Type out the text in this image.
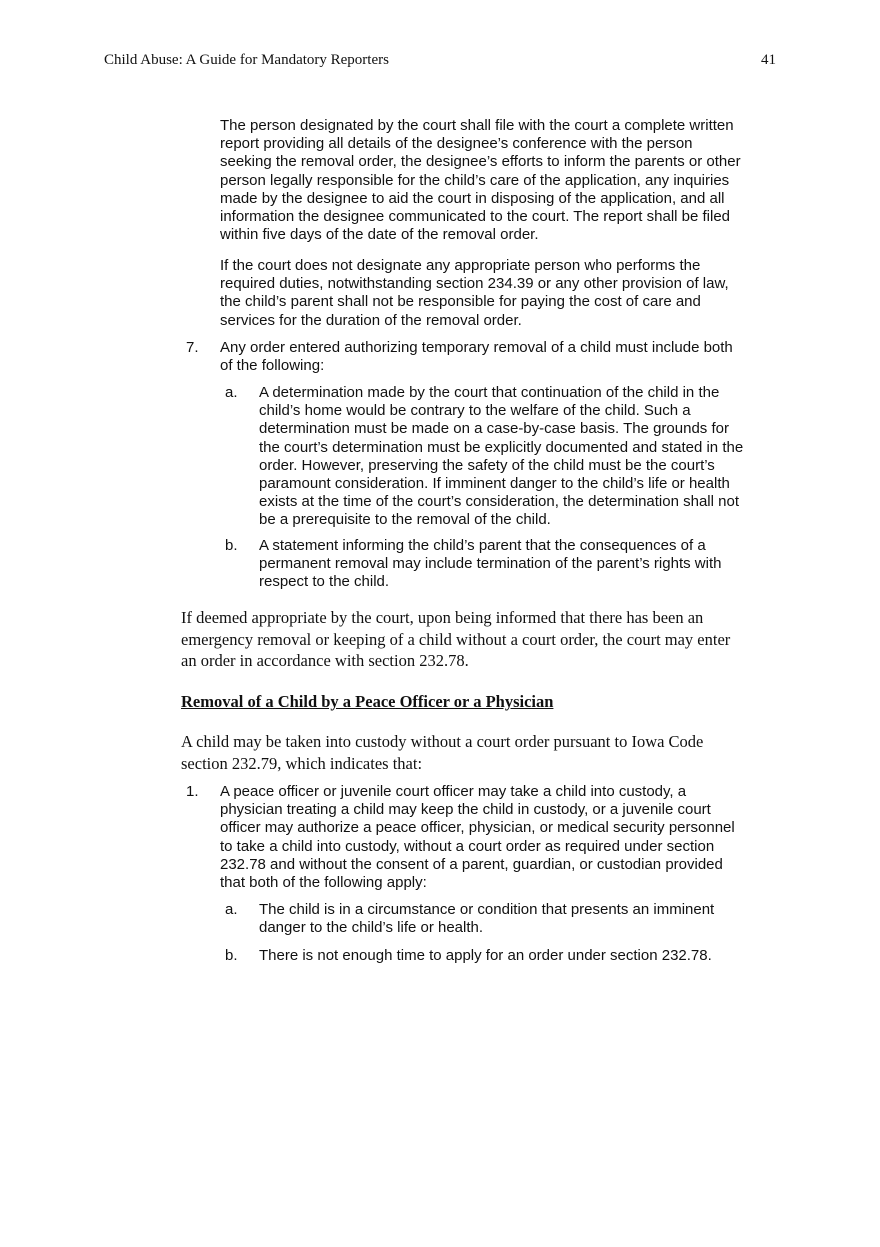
Child Abuse: A Guide for Mandatory Reporters	41
The person designated by the court shall file with the court a complete written
report providing all details of the designee’s conference with the person
seeking the removal order, the designee’s efforts to inform the parents or other
person legally responsible for the child’s care of the application, any inquiries
made by the designee to aid the court in disposing of the application, and all
information the designee communicated to the court. The report shall be filed
within five days of the date of the removal order.
If the court does not designate any appropriate person who performs the
required duties, notwithstanding section 234.39 or any other provision of law,
the child’s parent shall not be responsible for paying the cost of care and
services for the duration of the removal order.
7. Any order entered authorizing temporary removal of a child must include both
of the following:
a. A determination made by the court that continuation of the child in the
child’s home would be contrary to the welfare of the child. Such a
determination must be made on a case-by-case basis. The grounds for
the court’s determination must be explicitly documented and stated in the
order. However, preserving the safety of the child must be the court’s
paramount consideration. If imminent danger to the child’s life or health
exists at the time of the court’s consideration, the determination shall not
be a prerequisite to the removal of the child.
b. A statement informing the child’s parent that the consequences of a
permanent removal may include termination of the parent’s rights with
respect to the child.
If deemed appropriate by the court, upon being informed that there has been an
emergency removal or keeping of a child without a court order, the court may enter
an order in accordance with section 232.78.
Removal of a Child by a Peace Officer or a Physician
A child may be taken into custody without a court order pursuant to Iowa Code
section 232.79, which indicates that:
1. A peace officer or juvenile court officer may take a child into custody, a
physician treating a child may keep the child in custody, or a juvenile court
officer may authorize a peace officer, physician, or medical security personnel
to take a child into custody, without a court order as required under section
232.78 and without the consent of a parent, guardian, or custodian provided
that both of the following apply:
a. The child is in a circumstance or condition that presents an imminent
danger to the child’s life or health.
b. There is not enough time to apply for an order under section 232.78.
